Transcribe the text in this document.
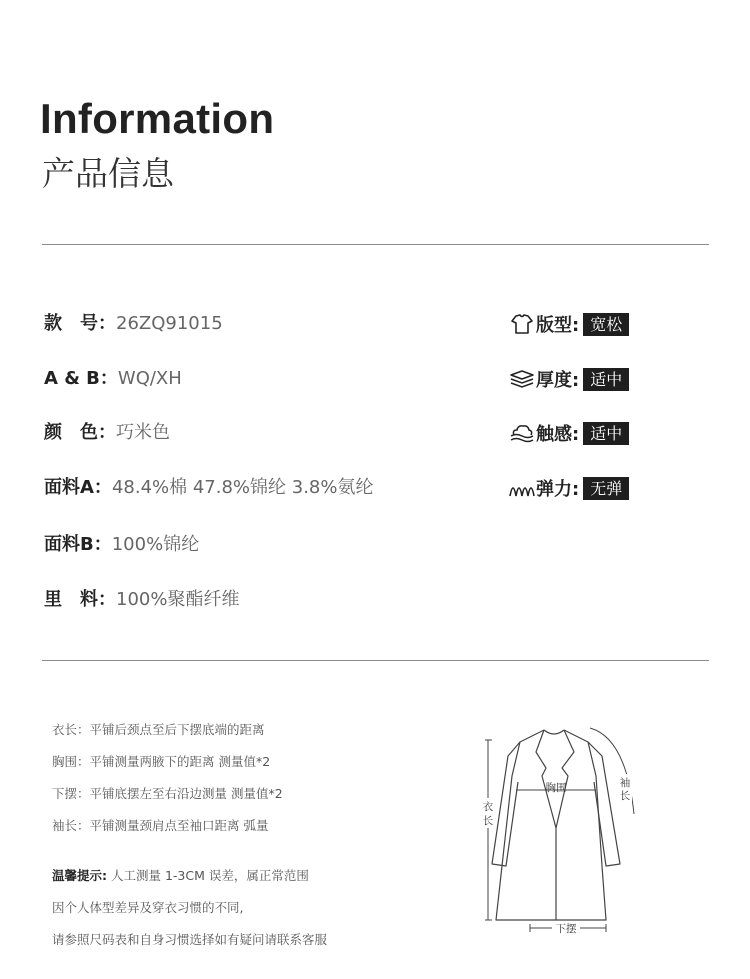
Information
产品信息
款　号：26ZQ91015
A & B：WQ/XH
颜　色：巧米色
面料A：48.4%棉 47.8%锦纶 3.8%氨纶
面料B：100%锦纶
里　料：100%聚酯纤维
版型: 宽松
厚度: 适中
触感: 适中
弹力: 无弹
衣长：平铺后颈点至后下摆底端的距离
胸围：平铺测量两腋下的距离 测量值*2
下摆：平铺底摆左至右沿边测量 测量值*2
袖长：平铺测量颈肩点至袖口距离 弧量
温馨提示: 人工测量 1-3CM 误差，属正常范围
因个人体型差异及穿衣习惯的不同,
请参照尺码表和自身习惯选择如有疑问请联系客服
胸围
衣
长
袖
长
下摆
